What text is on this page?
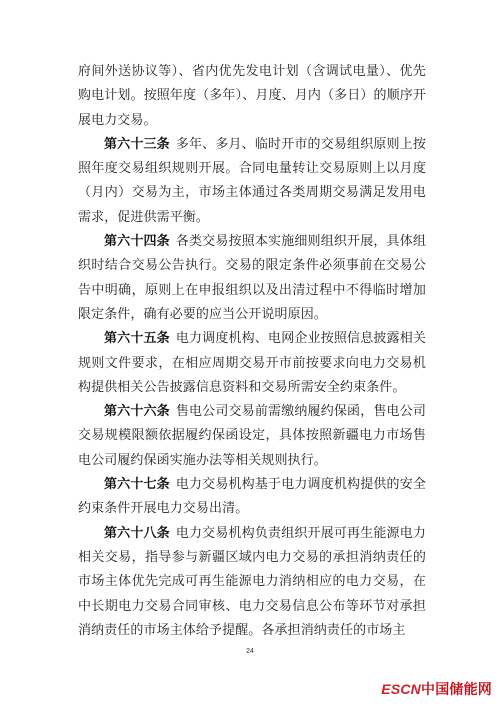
府间外送协议等）、省内优先发电计划（含调试电量）、优先购电计划。按照年度（多年）、月度、月内（多日）的顺序开展电力交易。

第六十三条 多年、多月、临时开市的交易组织原则上按照年度交易组织规则开展。合同电量转让交易原则上以月度（月内）交易为主，市场主体通过各类周期交易满足发用电需求，促进供需平衡。

第六十四条 各类交易按照本实施细则组织开展，具体组织时结合交易公告执行。交易的限定条件必须事前在交易公告中明确，原则上在申报组织以及出清过程中不得临时增加限定条件，确有必要的应当公开说明原因。

第六十五条 电力调度机构、电网企业按照信息披露相关规则文件要求，在相应周期交易开市前按要求向电力交易机构提供相关公告披露信息资料和交易所需安全约束条件。

第六十六条 售电公司交易前需缴纳履约保函，售电公司交易规模限额依据履约保函设定，具体按照新疆电力市场售电公司履约保函实施办法等相关规则执行。

第六十七条 电力交易机构基于电力调度机构提供的安全约束条件开展电力交易出清。

第六十八条 电力交易机构负责组织开展可再生能源电力相关交易，指导参与新疆区域内电力交易的承担消纳责任的市场主体优先完成可再生能源电力消纳相应的电力交易，在中长期电力交易合同审核、电力交易信息公布等环节对承担消纳责任的市场主体给予提醒。各承担消纳责任的市场主

24
ESCN中国储能网
